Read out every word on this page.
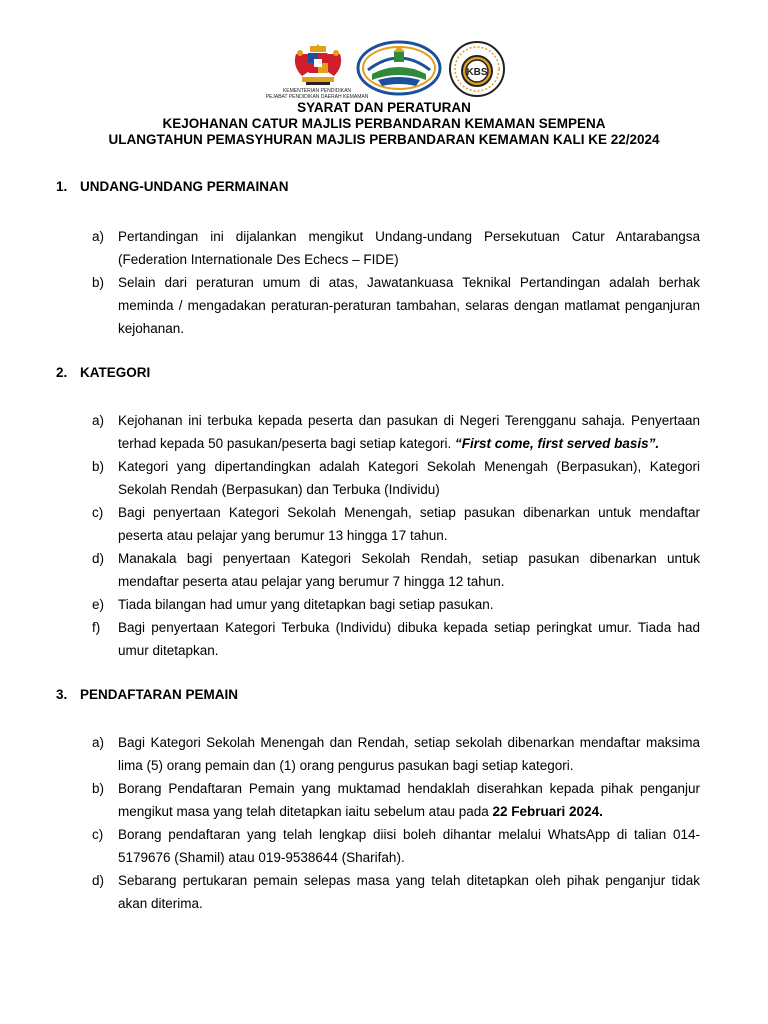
KEMENTERIAN PENDIDIKAN
PEJABAT PENDIDIKAN DAERAH KEMAMAN
KBS
SYARAT DAN PERATURAN
KEJOHANAN CATUR MAJLIS PERBANDARAN KEMAMAN SEMPENA
ULANGTAHUN PEMASYHURAN MAJLIS PERBANDARAN KEMAMAN KALI KE 22/2024
1. UNDANG-UNDANG PERMAINAN
a)	Pertandingan ini dijalankan mengikut Undang-undang Persekutuan Catur Antarabangsa (Federation Internationale Des Echecs – FIDE)
b)	Selain dari peraturan umum di atas, Jawatankuasa Teknikal Pertandingan adalah berhak meminda / mengadakan peraturan-peraturan tambahan, selaras dengan matlamat penganjuran kejohanan.
2. KATEGORI
a)	Kejohanan ini terbuka kepada peserta dan pasukan di Negeri Terengganu sahaja. Penyertaan terhad kepada 50 pasukan/peserta bagi setiap kategori. “First come, first served basis”.
b)	Kategori yang dipertandingkan adalah Kategori Sekolah Menengah (Berpasukan), Kategori Sekolah Rendah (Berpasukan) dan Terbuka (Individu)
c)	Bagi penyertaan Kategori Sekolah Menengah, setiap pasukan dibenarkan untuk mendaftar peserta atau pelajar yang berumur 13 hingga 17 tahun.
d)	Manakala bagi penyertaan Kategori Sekolah Rendah, setiap pasukan dibenarkan untuk mendaftar peserta atau pelajar yang berumur 7 hingga 12 tahun.
e)	Tiada bilangan had umur yang ditetapkan bagi setiap pasukan.
f)	Bagi penyertaan Kategori Terbuka (Individu) dibuka kepada setiap peringkat umur. Tiada had umur ditetapkan.
3. PENDAFTARAN PEMAIN
a)	Bagi Kategori Sekolah Menengah dan Rendah, setiap sekolah dibenarkan mendaftar maksima lima (5) orang pemain dan (1) orang pengurus pasukan bagi setiap kategori.
b)	Borang Pendaftaran Pemain yang muktamad hendaklah diserahkan kepada pihak penganjur mengikut masa yang telah ditetapkan iaitu sebelum atau pada 22 Februari 2024.
c)	Borang pendaftaran yang telah lengkap diisi boleh dihantar melalui WhatsApp di talian 014-5179676 (Shamil) atau 019-9538644 (Sharifah).
d)	Sebarang pertukaran pemain selepas masa yang telah ditetapkan oleh pihak penganjur tidak akan diterima.
